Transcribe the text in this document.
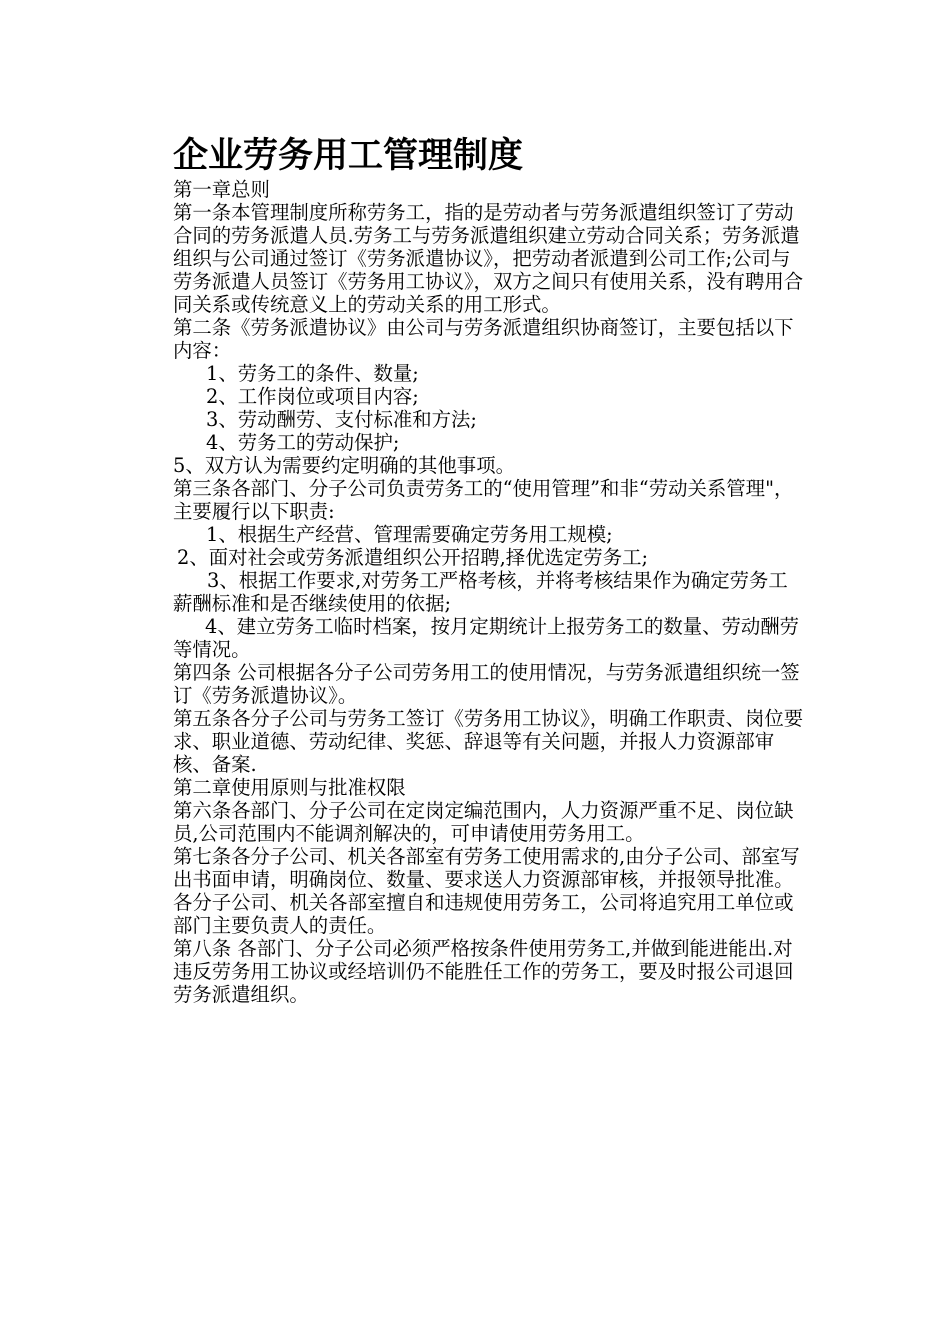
企业劳务用工管理制度

第一章总则

第一条本管理制度所称劳务工，指的是劳动者与劳务派遣组织签订了劳动合同的劳务派遣人员.劳务工与劳务派遣组织建立劳动合同关系；劳务派遣组织与公司通过签订《劳务派遣协议》，把劳动者派遣到公司工作;公司与劳务派遣人员签订《劳务用工协议》，双方之间只有使用关系，没有聘用合同关系或传统意义上的劳动关系的用工形式。

第二条《劳务派遣协议》由公司与劳务派遣组织协商签订，主要包括以下内容：

1、劳务工的条件、数量;

2、工作岗位或项目内容;

3、劳动酬劳、支付标准和方法;

4、劳务工的劳动保护;

5、双方认为需要约定明确的其他事项。

第三条各部门、分子公司负责劳务工的“使用管理”和非“劳动关系管理"，主要履行以下职责:

1、根据生产经营、管理需要确定劳务用工规模;

2、面对社会或劳务派遣组织公开招聘,择优选定劳务工;

3、根据工作要求,对劳务工严格考核，并将考核结果作为确定劳务工薪酬标准和是否继续使用的依据;

4、建立劳务工临时档案，按月定期统计上报劳务工的数量、劳动酬劳等情况。

第四条 公司根据各分子公司劳务用工的使用情况，与劳务派遣组织统一签订《劳务派遣协议》。

第五条各分子公司与劳务工签订《劳务用工协议》，明确工作职责、岗位要求、职业道德、劳动纪律、奖惩、辞退等有关问题，并报人力资源部审核、备案.

第二章使用原则与批准权限

第六条各部门、分子公司在定岗定编范围内，人力资源严重不足、岗位缺员,公司范围内不能调剂解决的，可申请使用劳务用工。

第七条各分子公司、机关各部室有劳务工使用需求的,由分子公司、部室写出书面申请，明确岗位、数量、要求送人力资源部审核，并报领导批准。各分子公司、机关各部室擅自和违规使用劳务工，公司将追究用工单位或部门主要负责人的责任。

第八条 各部门、分子公司必须严格按条件使用劳务工,并做到能进能出.对违反劳务用工协议或经培训仍不能胜任工作的劳务工，要及时报公司退回劳务派遣组织。
